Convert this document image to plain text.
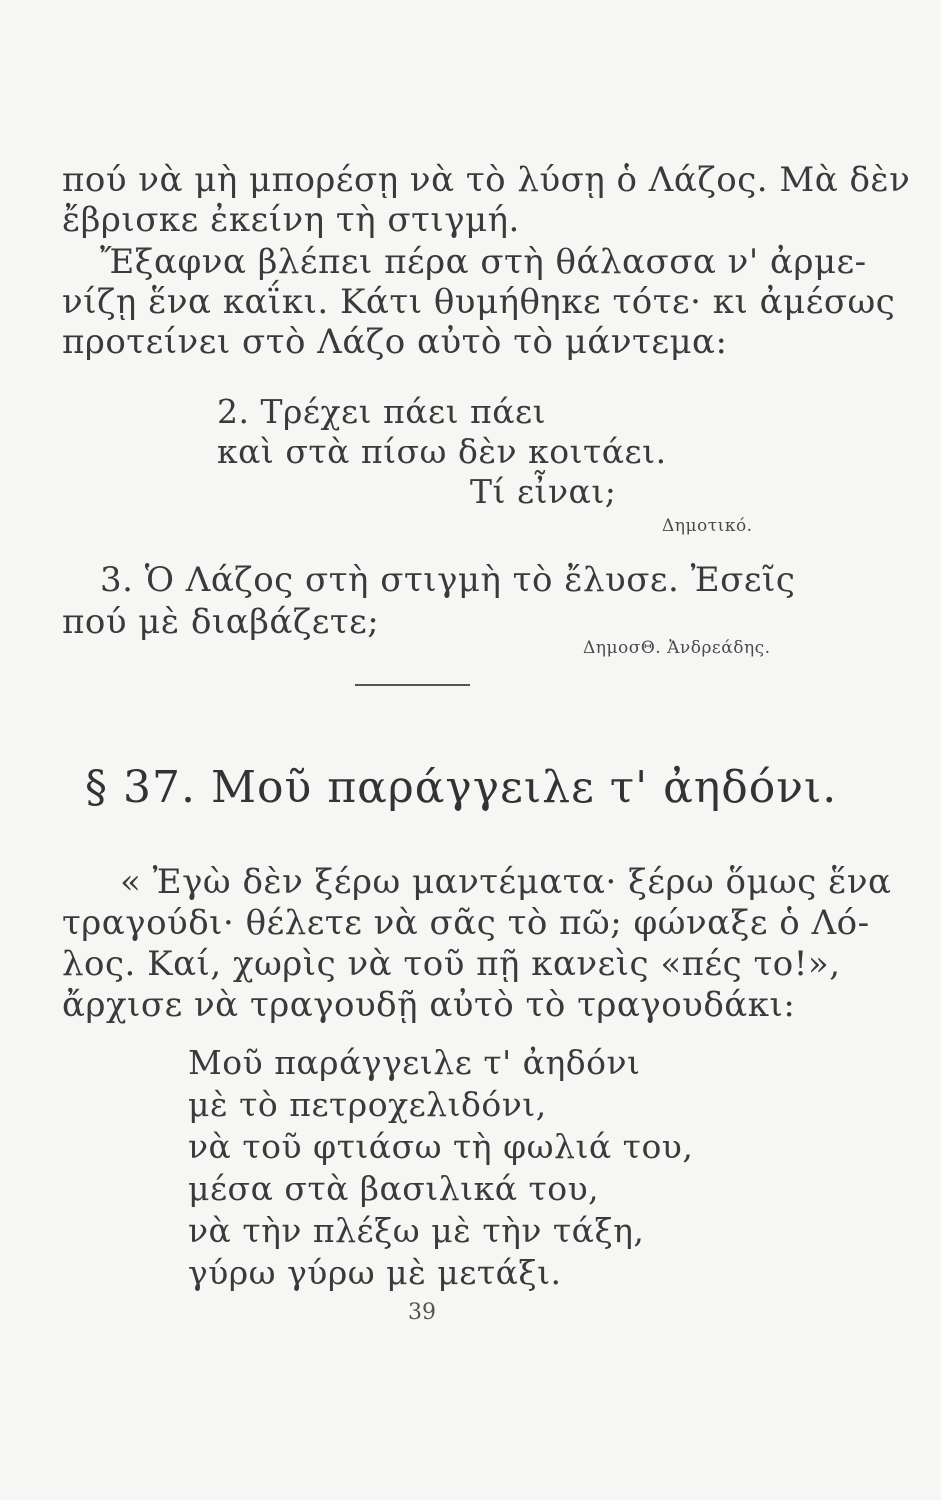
πού νὰ μὴ μπορέσῃ νὰ τὸ λύσῃ ὁ Λάζος. Μὰ δὲν
ἔβρισκε ἐκείνη τὴ στιγμή.
Ἔξαφνα βλέπει πέρα στὴ θάλασσα ν' ἀρμε-
νίζῃ ἕνα καΐκι. Κάτι θυμήθηκε τότε· κι ἀμέσως
προτείνει στὸ Λάζο αὐτὸ τὸ μάντεμα:
2. Τρέχει πάει πάει
καὶ στὰ πίσω δὲν κοιτάει.
Τί εἶναι;
Δημοτικό.
3. Ὁ Λάζος στὴ στιγμὴ τὸ ἔλυσε. Ἐσεῖς
πού μὲ διαβάζετε;
ΔημοσΘ. Ἀνδρεάδης.
§ 37. Μοῦ παράγγειλε τ' ἀηδόνι.
« Ἐγὼ δὲν ξέρω μαντέματα· ξέρω ὅμως ἕνα
τραγούδι· θέλετε νὰ σᾶς τὸ πῶ; φώναξε ὁ Λό-
λος. Καί, χωρὶς νὰ τοῦ πῇ κανεὶς «πές το!»,
ἄρχισε νὰ τραγουδῇ αὐτὸ τὸ τραγουδάκι:
Μοῦ παράγγειλε τ' ἀηδόνι
μὲ τὸ πετροχελιδόνι,
νὰ τοῦ φτιάσω τὴ φωλιά του,
μέσα στὰ βασιλικά του,
νὰ τὴν πλέξω μὲ τὴν τάξη,
γύρω γύρω μὲ μετάξι.
39
